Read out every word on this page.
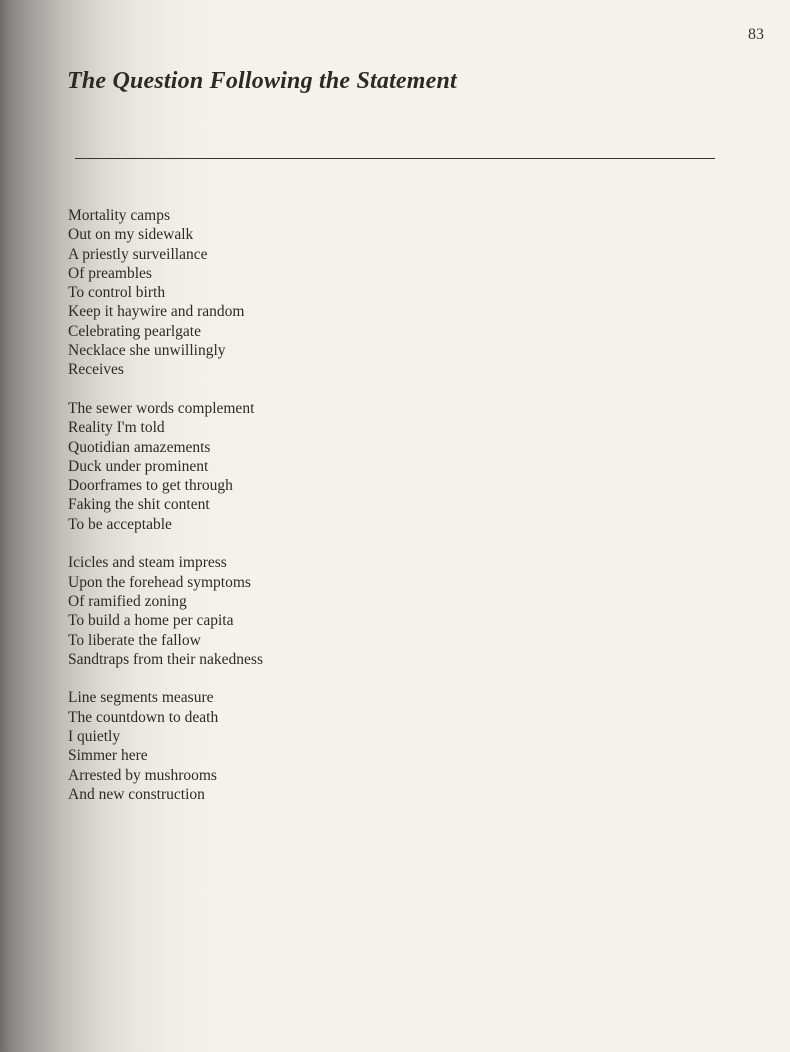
83

The Question Following the Statement
Mortality camps
Out on my sidewalk
A priestly surveillance
Of preambles
To control birth
Keep it haywire and random
Celebrating pearlgate
Necklace she unwillingly
Receives
The sewer words complement
Reality I'm told
Quotidian amazements
Duck under prominent
Doorframes to get through
Faking the shit content
To be acceptable
Icicles and steam impress
Upon the forehead symptoms
Of ramified zoning
To build a home per capita
To liberate the fallow
Sandtraps from their nakedness
Line segments measure
The countdown to death
I quietly
Simmer here
Arrested by mushrooms
And new construction
